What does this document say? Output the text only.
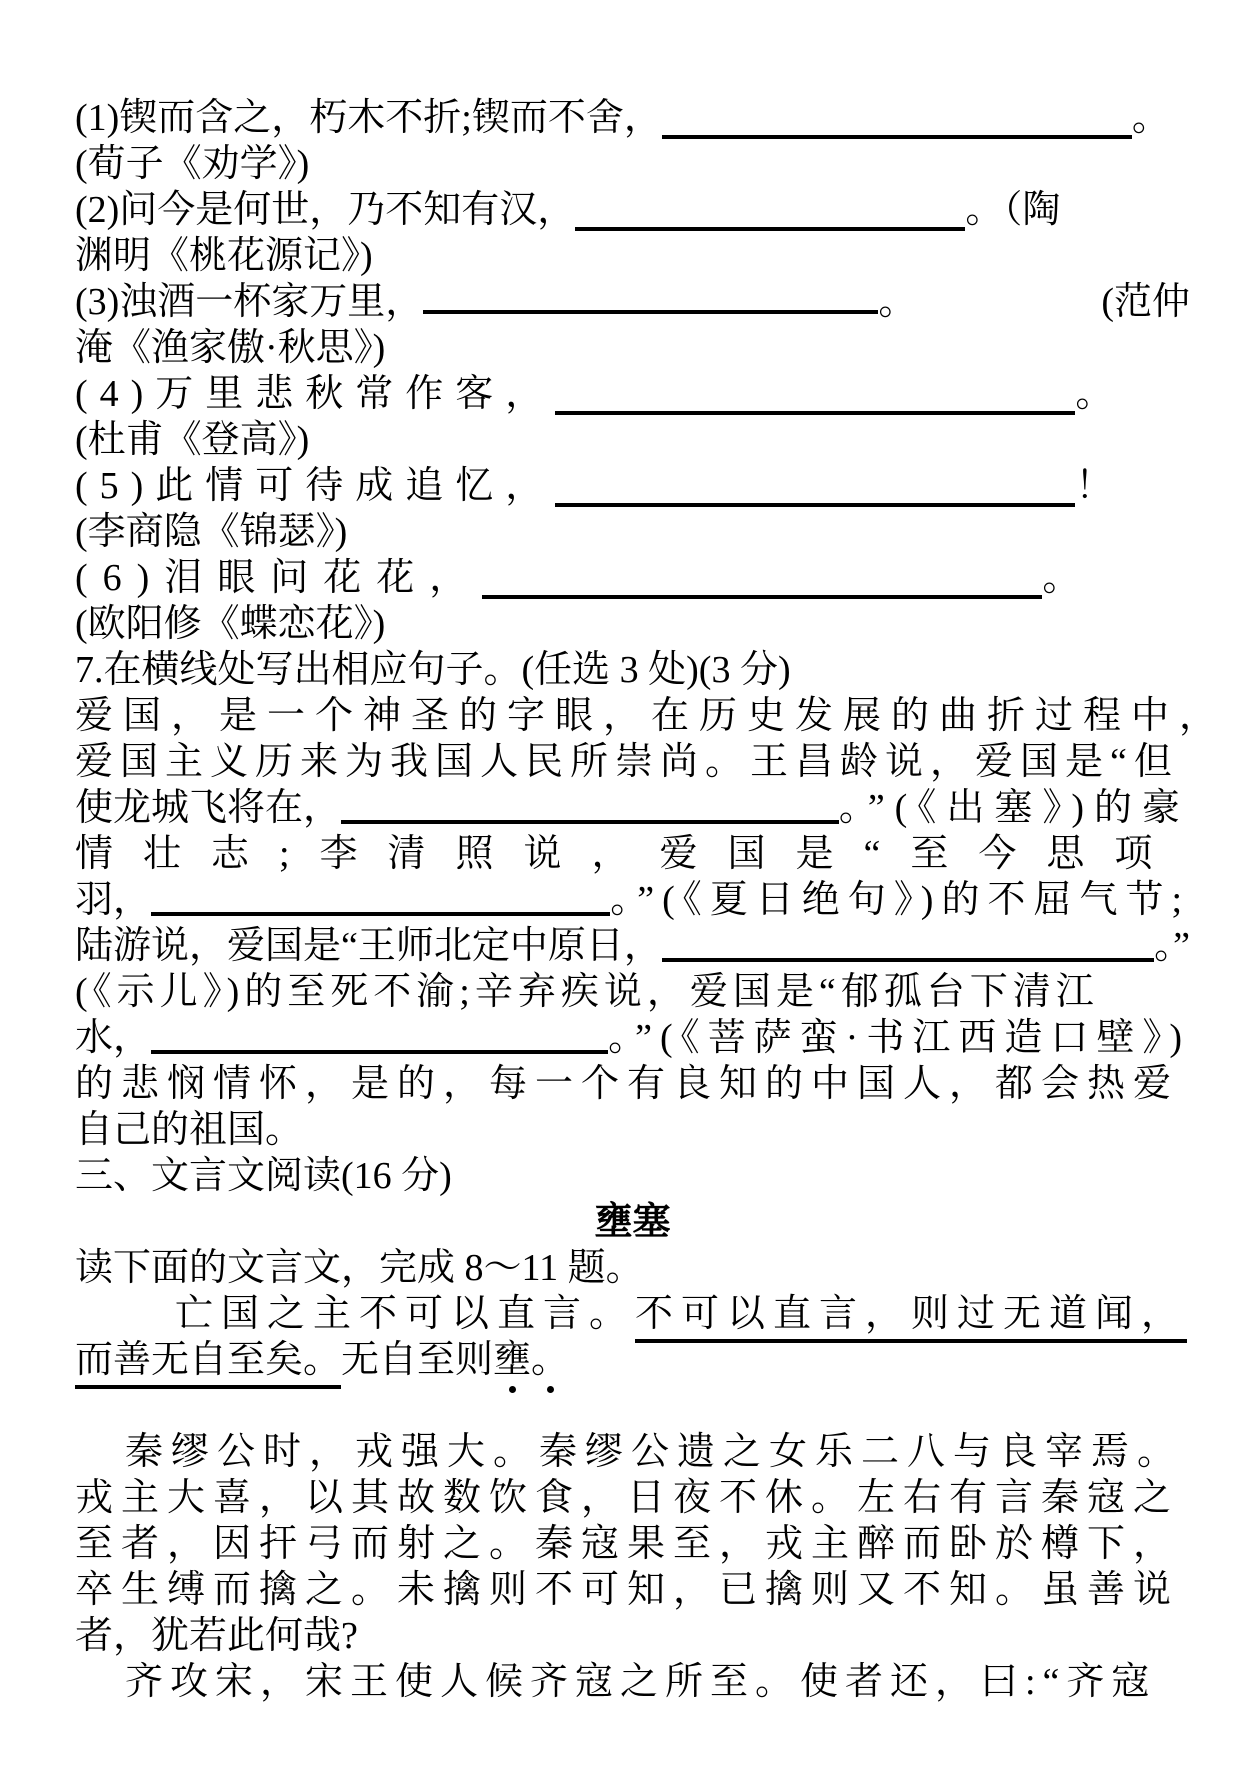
(1)锲而含之，朽木不折;锲而不舍，	。
(荀子《劝学》)
(2)问今是何世，乃不知有汉，	。（陶
渊明《桃花源记》)
(3)浊酒一杯家万里，	。	(范仲
淹《渔家傲·秋思》)
(4)万里悲秋常作客，	。
(杜甫《登高》)
(5)此情可待成追忆，	！
(李商隐《锦瑟》)
(6)泪眼问花花，	。
(欧阳修《蝶恋花》)
7.在横线处写出相应句子。(任选 3 处)(3 分)
爱国，是一个神圣的字眼，在历史发展的曲折过程中，
爱国主义历来为我国人民所崇尚。王昌龄说，爱国是“但
使龙城飞将在，	。”(《出塞》)的豪
情壮志;李清照说，爱国是“至今思项
羽，	。”(《夏日绝句》)的不屈气节;
陆游说，爱国是“王师北定中原日，	。”
(《示儿》)的至死不渝;辛弃疾说，爱国是“郁孤台下清江
水，	。”(《菩萨蛮·书江西造口壁》)
的悲悯情怀，是的，每一个有良知的中国人，都会热爱
自己的祖国。
三、文言文阅读(16 分)
壅塞
读下面的文言文，完成 8～11 题。
亡国之主不可以直言。不可以直言，则过无道闻，
而善无自至矣。无自至则壅。
秦缪公时，戎强大。秦缪公遗之女乐二八与良宰焉。
戎主大喜，以其故数饮食，日夜不休。左右有言秦寇之
至者，因扞弓而射之。秦寇果至，戎主醉而卧於樽下，
卒生缚而擒之。未擒则不可知，已擒则又不知。虽善说
者，犹若此何哉?
齐攻宋，宋王使人候齐寇之所至。使者还，曰:“齐寇
